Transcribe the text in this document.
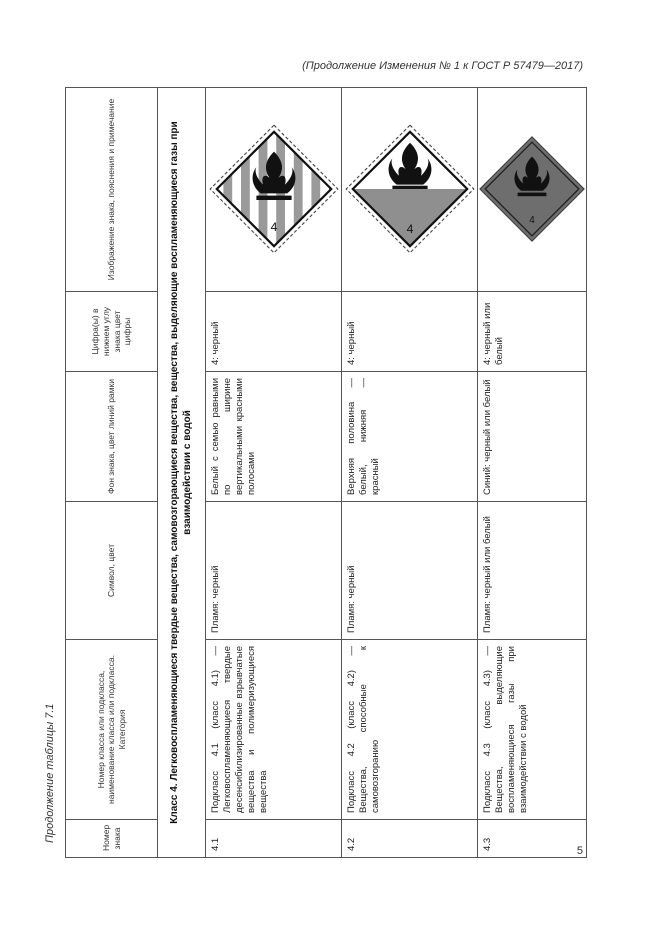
(Продолжение Изменения № 1 к ГОСТ Р 57479—2017)
Продолжение таблицы 7.1	Номер знака	Номер класса или подкласса, наименование класса или подкласса. Категория	Символ, цвет	Фон знака, цвет линий рамки	Цифра(ы) в нижнем углу знака цвет цифры	Изображение знака, пояснения и примечание
Класс 4. Легковоспламеняющиеся твердые вещества, самовозгорающиеся вещества, вещества, выделяющие воспламеняющиеся газы при взаимодействии с водой					
4.1	Подкласс 4.1 (класс 4.1) — Легковоспламеняющиеся твердые десенсибилизированные взрывчатые вещества и полимеризующиеся вещества	Пламя: черный	Белый с семью равными по ширине вертикальными красными полосами	4: черный	4

4.2	Подкласс 4.2 (класс 4.2) — Вещества, способные к самовозгоранию	Пламя: черный	Верхняя половина — белый, нижняя — красный	4: черный	4

4.3	Подкласс 4.3 (класс 4.3) — Вещества, выделяющие воспламеняющиеся газы при взаимодействии с водой	Пламя: черный или белый	Синий: черный или белый	4: черный или белый	4
5
